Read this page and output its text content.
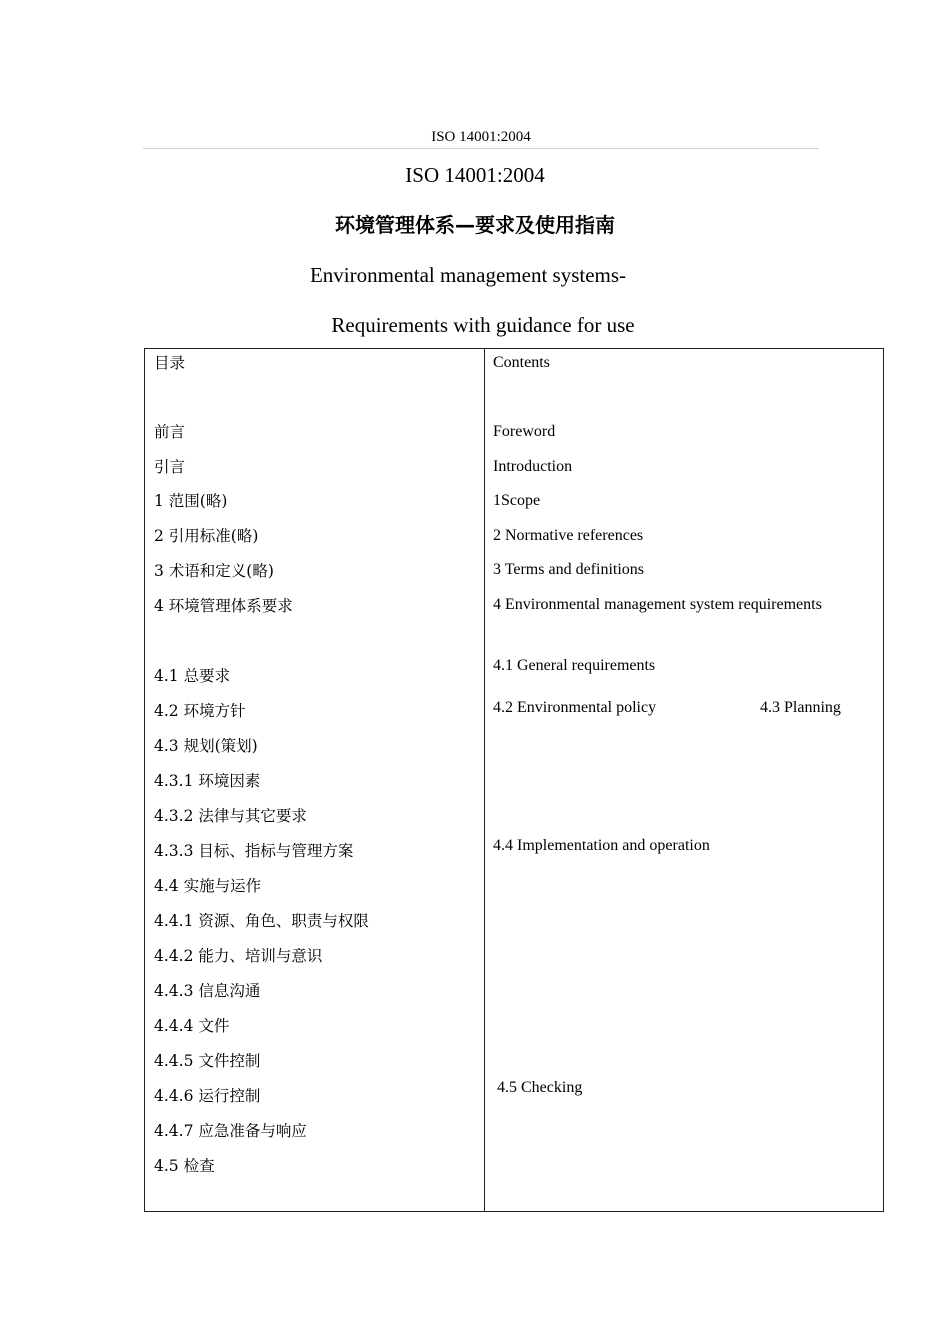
ISO 14001:2004
ISO 14001:2004
环境管理体系—要求及使用指南
Environmental management systems-
Requirements with guidance for use
目录
前言
引言
1 范围(略)
2 引用标准(略)
3 术语和定义(略)
4 环境管理体系要求
4.1 总要求
4.2 环境方针
4.3 规划(策划)
4.3.1 环境因素
4.3.2 法律与其它要求
4.3.3 目标、指标与管理方案
4.4 实施与运作
4.4.1 资源、角色、职责与权限
4.4.2 能力、培训与意识
4.4.3 信息沟通
4.4.4 文件
4.4.5 文件控制
4.4.6 运行控制
4.4.7 应急准备与响应
4.5 检查
Contents
Foreword
Introduction
1Scope
2 Normative references
3 Terms and definitions
4 Environmental management system requirements
4.1 General requirements
4.2 Environmental policy	4.3 Planning
4.4 Implementation and operation
4.5 Checking
